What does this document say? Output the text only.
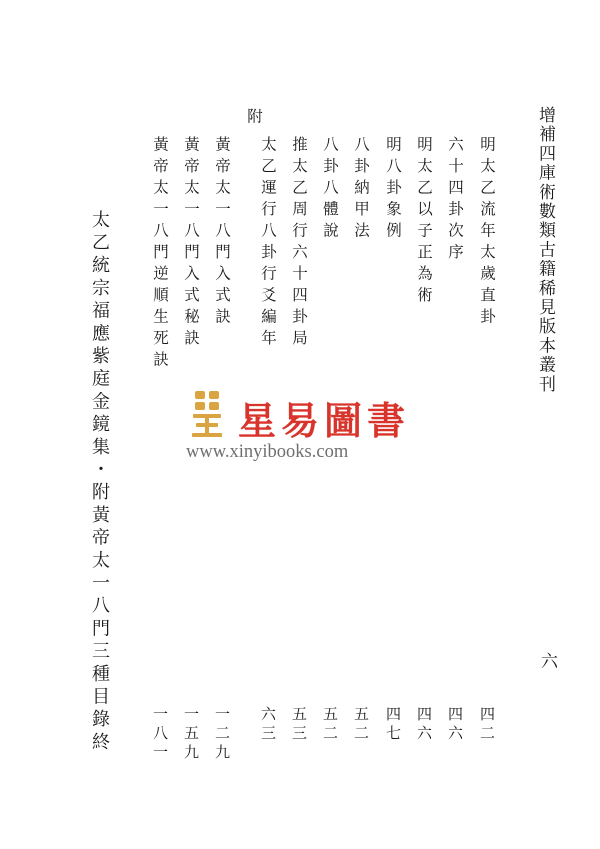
增補四庫術數類古籍稀見版本叢刊
六
明太乙流年太歲直卦
六十四卦次序
明太乙以子正為術
明八卦象例
八卦納甲法
八卦八體說
推太乙周行六十四卦局
太乙運行八卦行爻編年
四二
四六
四六
四七
五二
五二
五三
六三
附
黃帝太一八門入式訣
黃帝太一八門入式秘訣
黃帝太一八門逆順生死訣
一二九
一五九
一八一
太乙統宗福應紫庭金鏡集・附黃帝太一八門三種目錄終	星易圖書
www.xinyibooks.com
